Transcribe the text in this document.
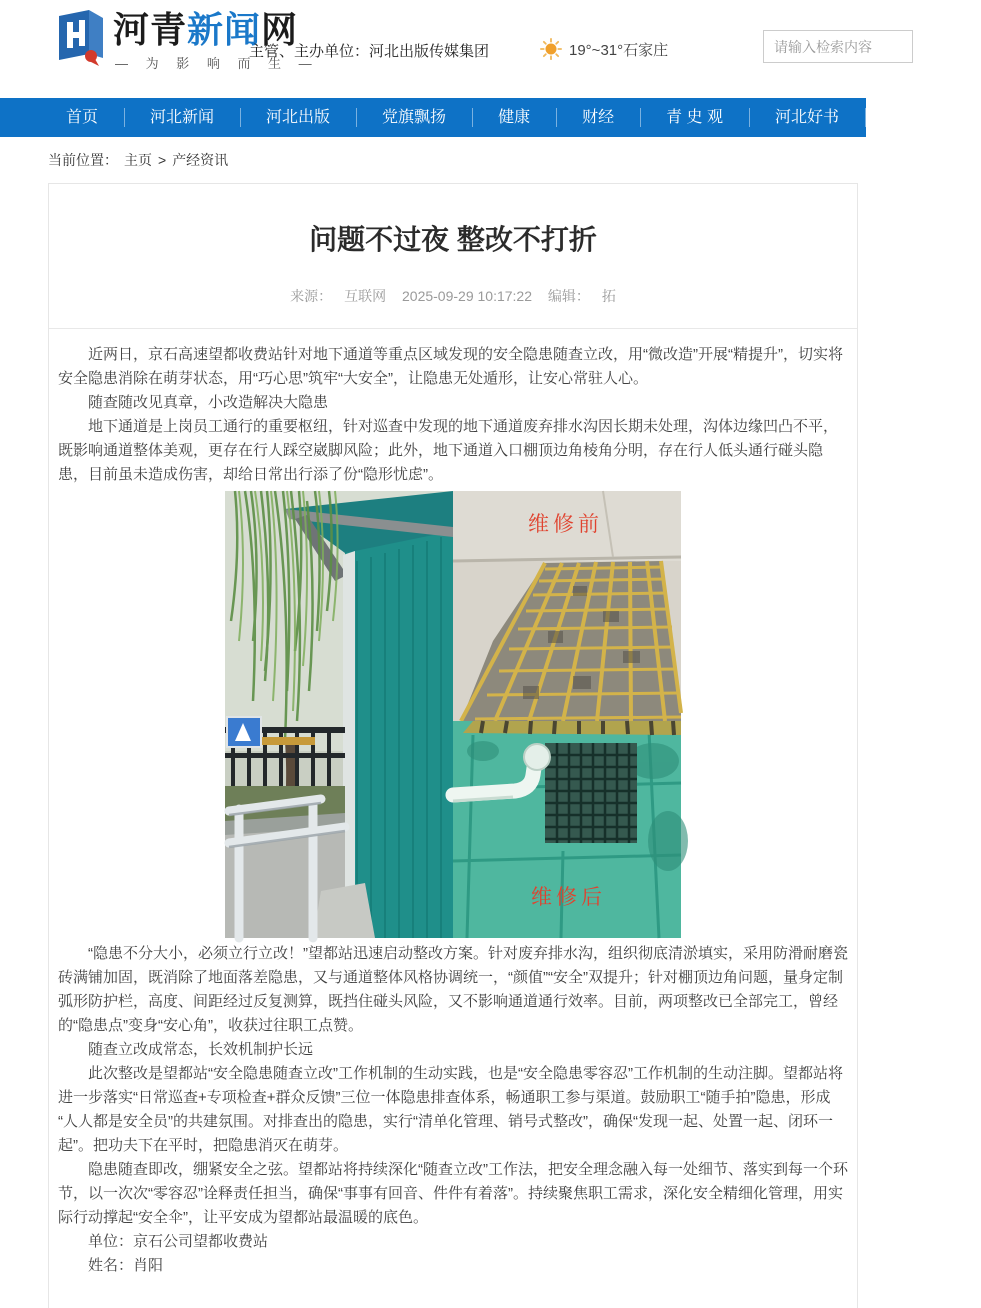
河青新闻网
— 为 影 响 而 生 —
主管、主办单位：河北出版传媒集团	19°~31°石家庄
请输入检索内容
首页	河北新闻	河北出版	党旗飘扬	健康	财经	青 史 观	河北好书	全民辟谣
当前位置： 主页 > 产经资讯
问题不过夜 整改不打折
来源： 互联网 2025-09-29 10:17:22 编辑： 拓

近两日，京石高速望都收费站针对地下通道等重点区域发现的安全隐患随查立改，用“微改造”开展“精提升”，切实将安全隐患消除在萌芽状态，用“巧心思”筑牢“大安全”，让隐患无处遁形，让安心常驻人心。

随查随改见真章，小改造解决大隐患

地下通道是上岗员工通行的重要枢纽，针对巡查中发现的地下通道废弃排水沟因长期未处理，沟体边缘凹凸不平，既影响通道整体美观，更存在行人踩空崴脚风险；此外，地下通道入口棚顶边角棱角分明，存在行人低头通行碰头隐患，目前虽未造成伤害，却给日常出行添了份“隐形忧虑”。

维修前
维修后

“隐患不分大小，必须立行立改！”望都站迅速启动整改方案。针对废弃排水沟，组织彻底清淤填实，采用防滑耐磨瓷砖满铺加固，既消除了地面落差隐患，又与通道整体风格协调统一，“颜值”“安全”双提升；针对棚顶边角问题，量身定制弧形防护栏，高度、间距经过反复测算，既挡住碰头风险，又不影响通道通行效率。目前，两项整改已全部完工，曾经的“隐患点”变身“安心角”，收获过往职工点赞。

随查立改成常态，长效机制护长远

此次整改是望都站“安全隐患随查立改”工作机制的生动实践，也是“安全隐患零容忍”工作机制的生动注脚。望都站将进一步落实“日常巡查+专项检查+群众反馈”三位一体隐患排查体系，畅通职工参与渠道。鼓励职工“随手拍”隐患，形成“人人都是安全员”的共建氛围。对排查出的隐患，实行“清单化管理、销号式整改”，确保“发现一起、处置一起、闭环一起”。把功夫下在平时，把隐患消灭在萌芽。

隐患随查即改，绷紧安全之弦。望都站将持续深化“随查立改”工作法，把安全理念融入每一处细节、落实到每一个环节，以一次次“零容忍”诠释责任担当，确保“事事有回音、件件有着落”。持续聚焦职工需求，深化安全精细化管理，用实际行动撑起“安全伞”，让平安成为望都站最温暖的底色。

单位：京石公司望都收费站
姓名：肖阳
